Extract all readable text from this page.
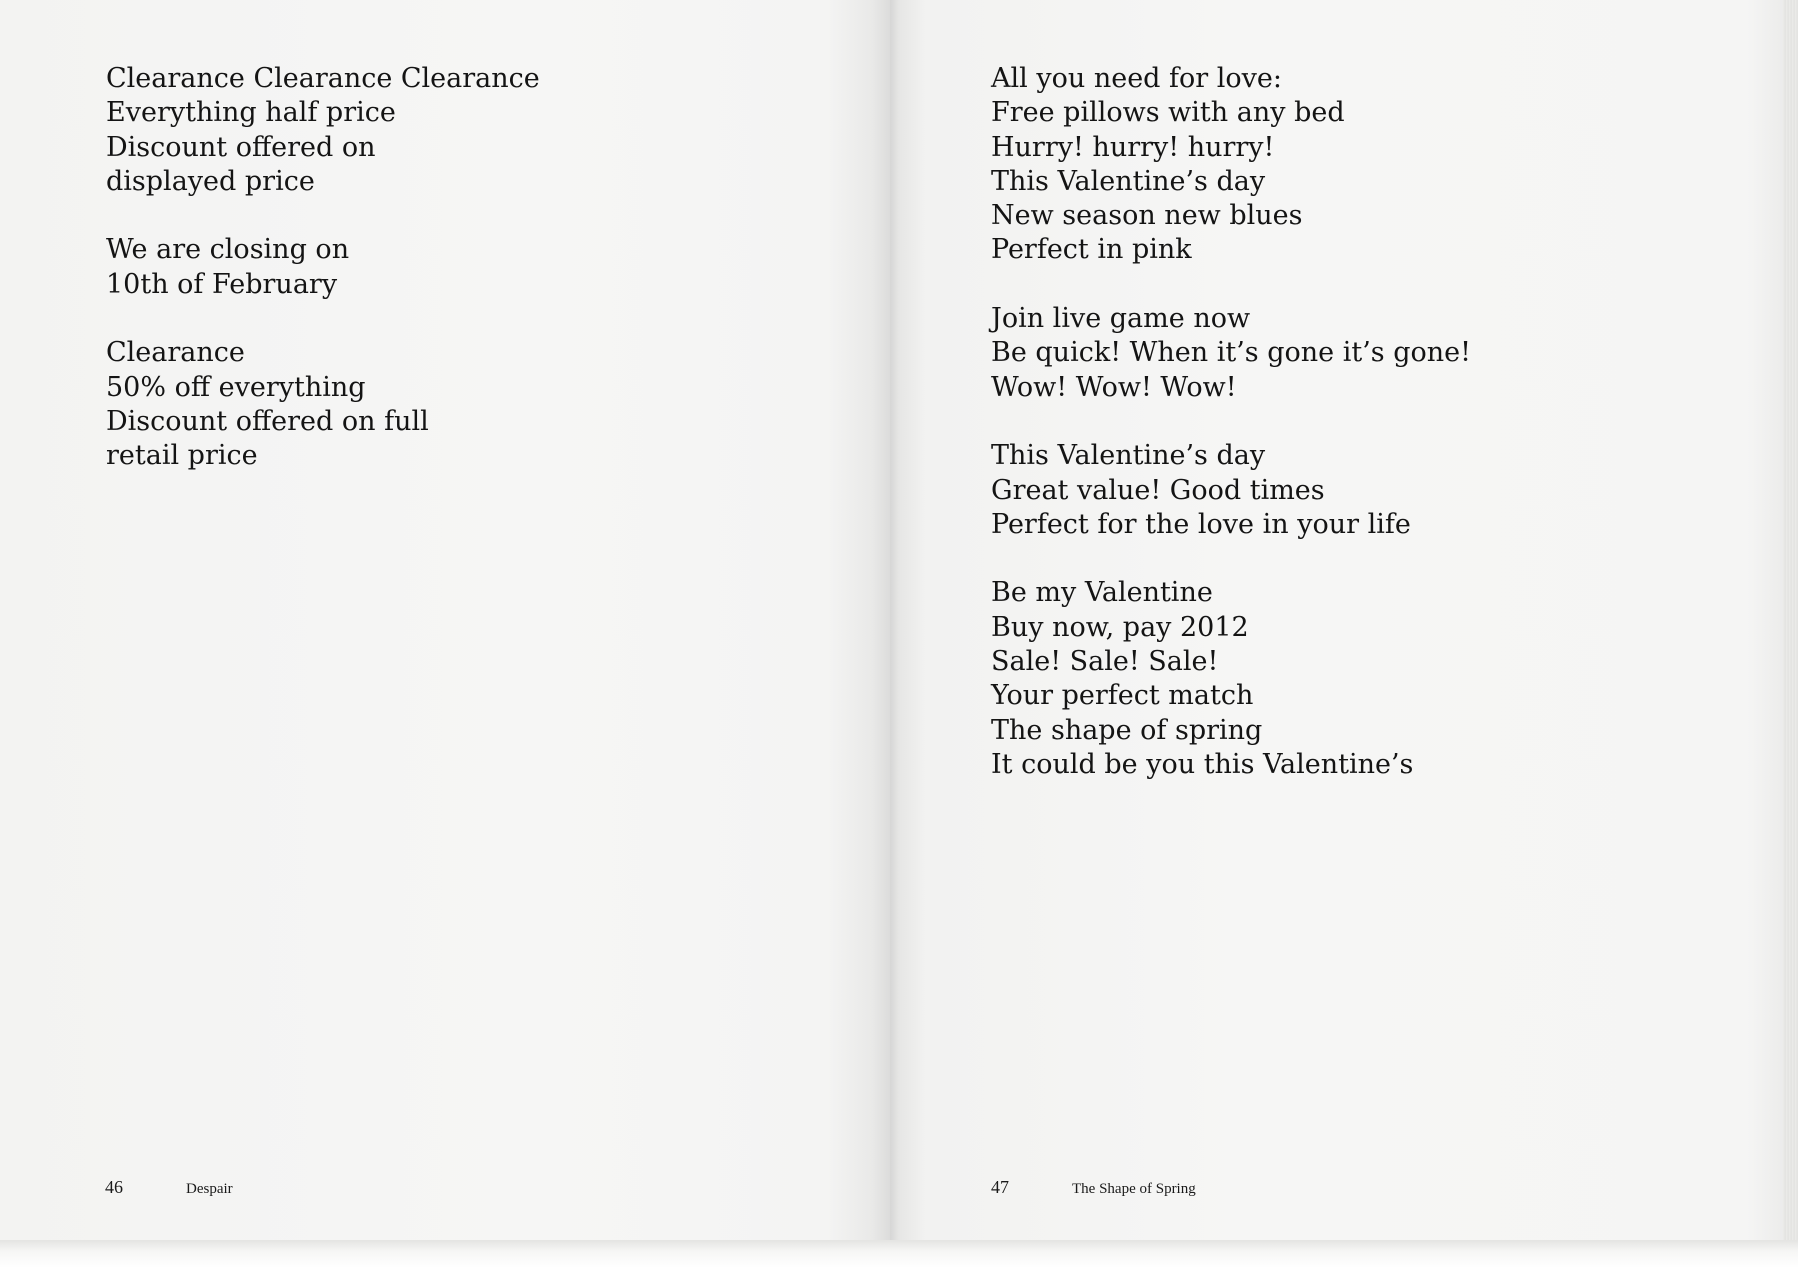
Clearance Clearance Clearance
Everything half price
Discount offered on
displayed price
We are closing on
10th of February
Clearance
50% off everything
Discount offered on full
retail price
46	Despair
All you need for love:
Free pillows with any bed
Hurry! hurry! hurry!
This Valentine’s day
New season new blues
Perfect in pink
Join live game now
Be quick! When it’s gone it’s gone!
Wow! Wow! Wow!
This Valentine’s day
Great value! Good times
Perfect for the love in your life
Be my Valentine
Buy now, pay 2012
Sale! Sale! Sale!
Your perfect match
The shape of spring
It could be you this Valentine’s
47	The Shape of Spring
